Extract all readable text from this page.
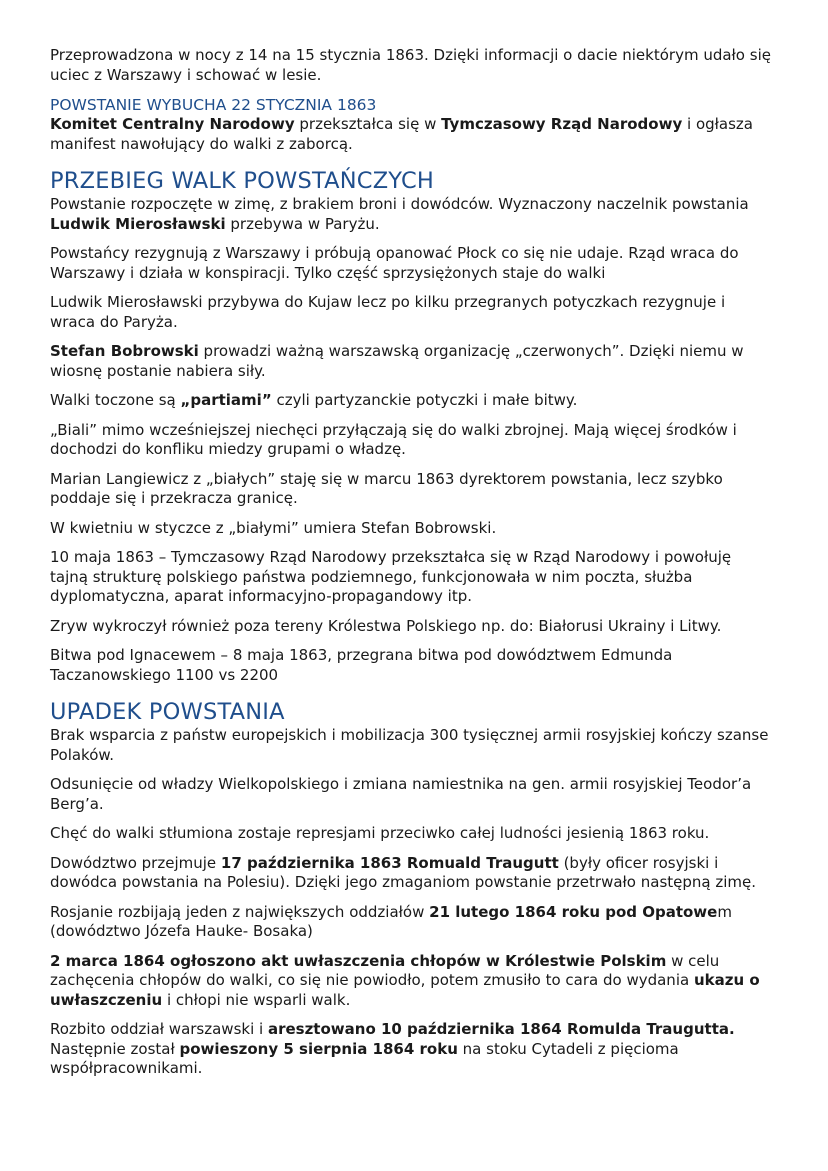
Przeprowadzona w nocy z 14 na 15 stycznia 1863. Dzięki informacji o dacie niektórym udało się uciec z Warszawy i schować w lesie.

POWSTANIE WYBUCHA 22 STYCZNIA 1863

Komitet Centralny Narodowy przekształca się w Tymczasowy Rząd Narodowy i ogłasza manifest nawołujący do walki z zaborcą.

PRZEBIEG WALK POWSTAŃCZYCH

Powstanie rozpoczęte w zimę, z brakiem broni i dowódców. Wyznaczony naczelnik powstania Ludwik Mierosławski przebywa w Paryżu.

Powstańcy rezygnują z Warszawy i próbują opanować Płock co się nie udaje. Rząd wraca do Warszawy i działa w konspiracji. Tylko część sprzysiężonych staje do walki

Ludwik Mierosławski przybywa do Kujaw lecz po kilku przegranych potyczkach rezygnuje i wraca do Paryża.

Stefan Bobrowski prowadzi ważną warszawską organizację „czerwonych”. Dzięki niemu w wiosnę postanie nabiera siły.

Walki toczone są „partiami” czyli partyzanckie potyczki i małe bitwy.

„Biali” mimo wcześniejszej niechęci przyłączają się do walki zbrojnej. Mają więcej środków i dochodzi do konfliku miedzy grupami o władzę.

Marian Langiewicz z „białych” staję się w marcu 1863 dyrektorem powstania, lecz szybko poddaje się i przekracza granicę.

W kwietniu w styczce z „białymi” umiera Stefan Bobrowski.

10 maja 1863 – Tymczasowy Rząd Narodowy przekształca się w Rząd Narodowy i powołuję tajną strukturę polskiego państwa podziemnego, funkcjonowała w nim poczta, służba dyplomatyczna, aparat informacyjno-propagandowy itp.

Zryw wykroczył również poza tereny Królestwa Polskiego np. do: Białorusi Ukrainy i Litwy.

Bitwa pod Ignacewem – 8 maja 1863, przegrana bitwa pod dowództwem Edmunda Taczanowskiego 1100 vs 2200

UPADEK POWSTANIA

Brak wsparcia z państw europejskich i mobilizacja 300 tysięcznej armii rosyjskiej kończy szanse Polaków.

Odsunięcie od władzy Wielkopolskiego i zmiana namiestnika na gen. armii rosyjskiej Teodor’a Berg’a.

Chęć do walki stłumiona zostaje represjami przeciwko całej ludności jesienią 1863 roku.

Dowództwo przejmuje 17 października 1863 Romuald Traugutt (były oficer rosyjski i dowódca powstania na Polesiu). Dzięki jego zmaganiom powstanie przetrwało następną zimę.

Rosjanie rozbijają jeden z największych oddziałów 21 lutego 1864 roku pod Opatowem (dowództwo Józefa Hauke- Bosaka)

2 marca 1864 ogłoszono akt uwłaszczenia chłopów w Królestwie Polskim w celu zachęcenia chłopów do walki, co się nie powiodło, potem zmusiło to cara do wydania ukazu o uwłaszczeniu i chłopi nie wsparli walk.

Rozbito oddział warszawski i aresztowano 10 października 1864 Romulda Traugutta. Następnie został powieszony 5 sierpnia 1864 roku na stoku Cytadeli z pięcioma współpracownikami.
